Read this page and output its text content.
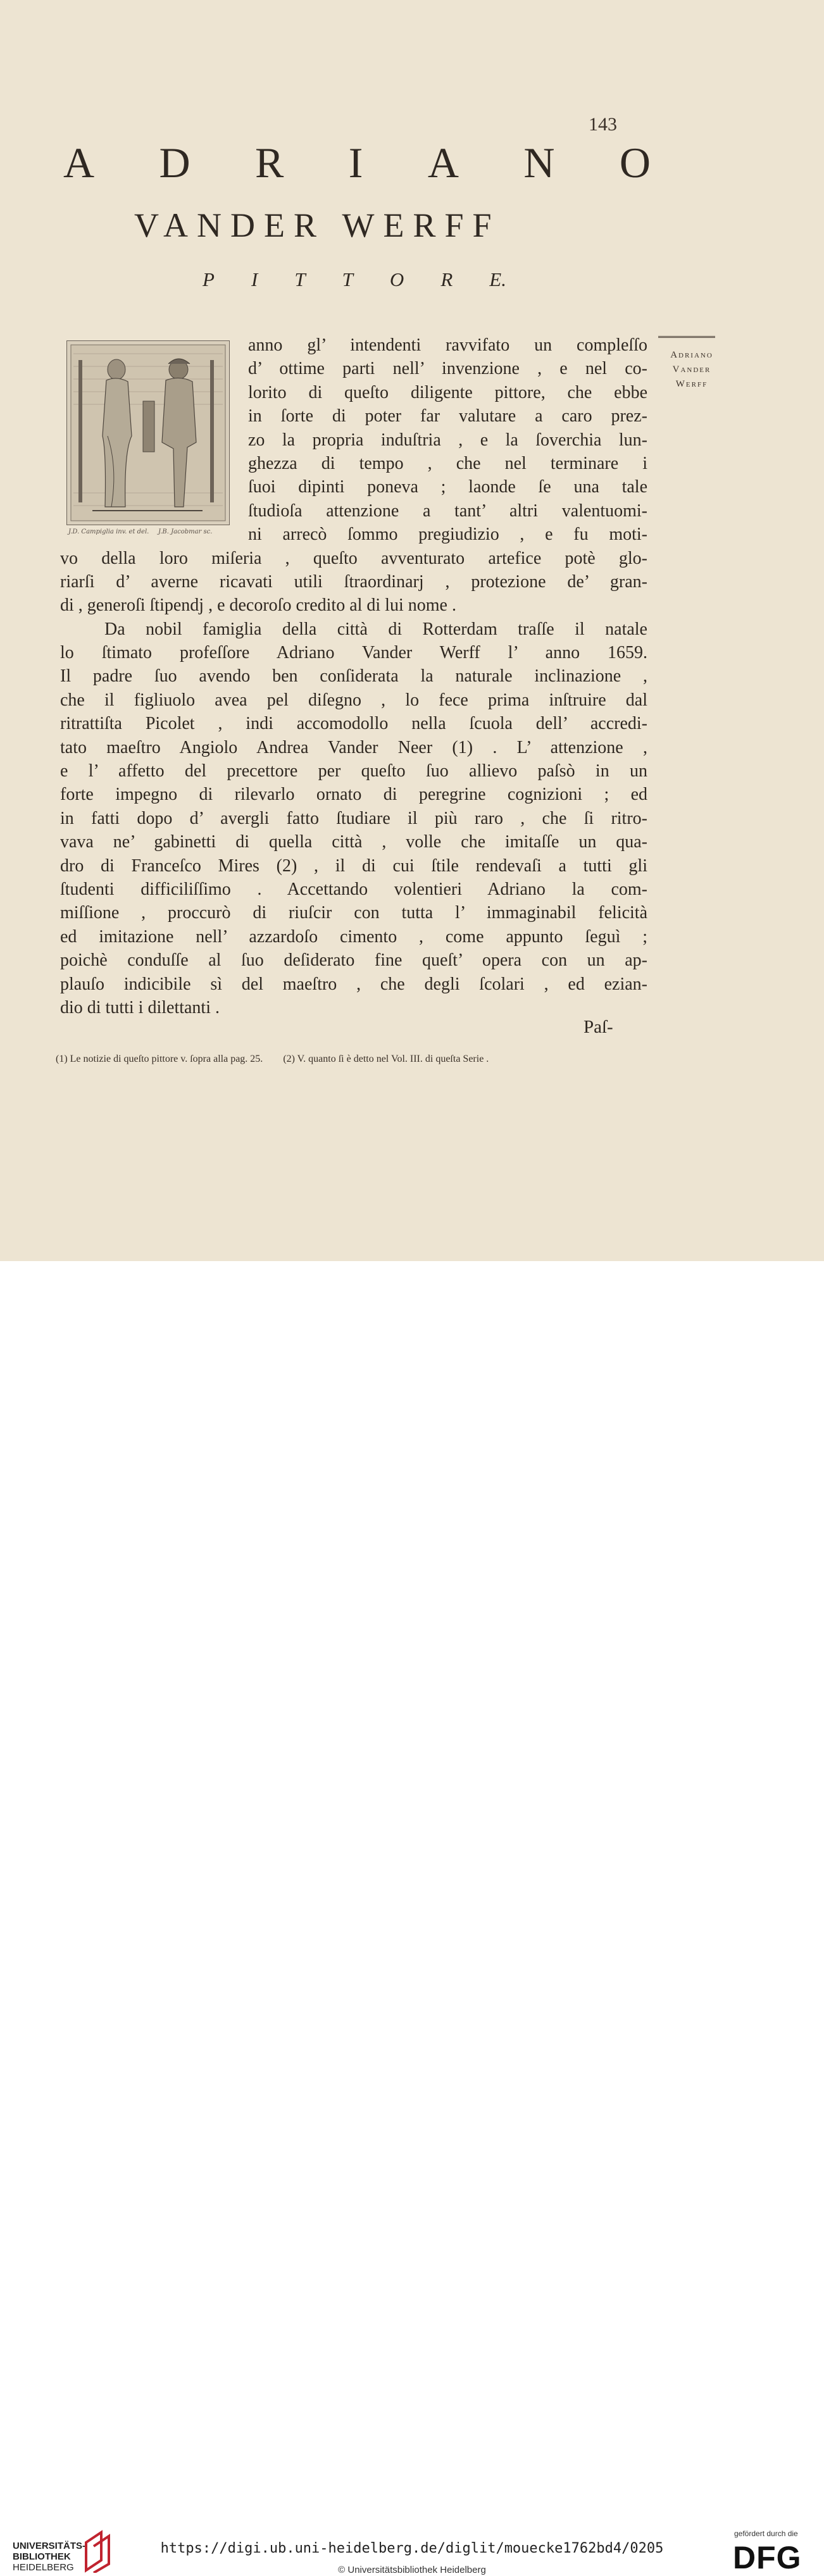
143
A D R I A N O
VANDER WERFF
P I T T O R E.
J.D. Campiglia inv. et del. J.B. Jacobmar sc.
Adriano
Vander
Werff
anno gl’ intendenti ravvifato un compleſſo
d’ ottime parti nell’ invenzione , e nel co-
lorito di queſto diligente pittore, che ebbe
in ſorte di poter far valutare a caro prez-
zo la propria induſtria , e la ſoverchia lun-
ghezza di tempo , che nel terminare i
ſuoi dipinti poneva ; laonde ſe una tale
ſtudioſa attenzione a tant’ altri valentuomi-
ni arrecò ſommo pregiudizio , e fu moti-
vo della loro miſeria , queſto avventurato artefice potè glo-
riarſi d’ averne ricavati utili ſtraordinarj , protezione de’ gran-
di , generoſi ſtipendj , e decoroſo credito al di lui nome .
Da nobil famiglia della città di Rotterdam traſſe il natale
lo ſtimato profeſſore Adriano Vander Werff l’ anno 1659.
Il padre ſuo avendo ben conſiderata la naturale inclinazione ,
che il figliuolo avea pel diſegno , lo fece prima inſtruire dal
ritrattiſta Picolet , indi accomodollo nella ſcuola dell’ accredi-
tato maeſtro Angiolo Andrea Vander Neer (1) . L’ attenzione ,
e l’ affetto del precettore per queſto ſuo allievo paſsò in un
forte impegno di rilevarlo ornato di peregrine cognizioni ; ed
in fatti dopo d’ avergli fatto ſtudiare il più raro , che ſi ritro-
vava ne’ gabinetti di quella città , volle che imitaſſe un qua-
dro di Franceſco Mires (2) , il di cui ſtile rendevaſi a tutti gli
ſtudenti difficiliſſimo . Accettando volentieri Adriano la com-
miſſione , proccurò di riuſcir con tutta l’ immaginabil felicità
ed imitazione nell’ azzardoſo cimento , come appunto ſeguì ;
poichè conduſſe al ſuo deſiderato fine queſt’ opera con un ap-
plauſo indicibile sì del maeſtro , che degli ſcolari , ed ezian-
dio di tutti i dilettanti .
Paſ-
(1) Le notizie di queſto pittore v. ſopra alla pag. 25. (2) V. quanto ſi è detto nel Vol. III. di queſta Serie .
UNIVERSITÄTS-
BIBLIOTHEK
HEIDELBERG
https://digi.ub.uni-heidelberg.de/diglit/mouecke1762bd4/0205
© Universitätsbibliothek Heidelberg
gefördert durch die
DFG
